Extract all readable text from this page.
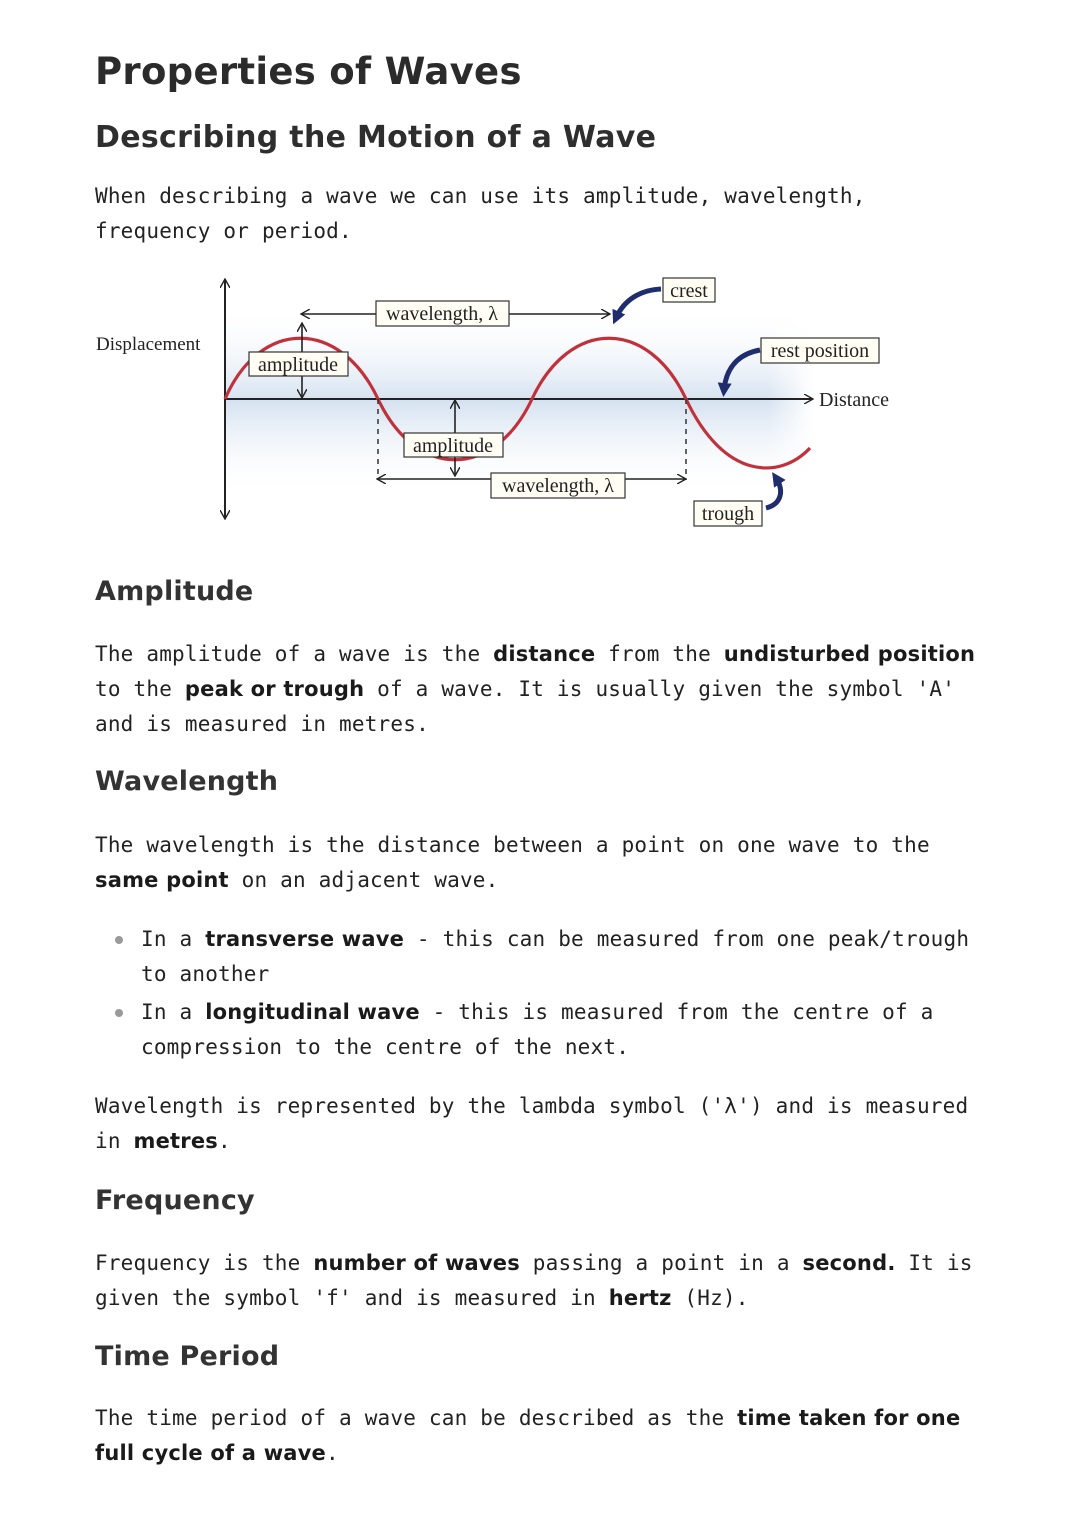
Properties of Waves
Describing the Motion of a Wave

When describing a wave we can use its amplitude, wavelength, frequency or period.

Displacement
Distance
wavelength, λ
amplitude
amplitude
wavelength, λ
crest
rest position
trough
Amplitude

The amplitude of a wave is the distance from the undisturbed position to the peak or trough of a wave. It is usually given the symbol 'A' and is measured in metres.

Wavelength

The wavelength is the distance between a point on one wave to the same point on an adjacent wave.

In a transverse wave - this can be measured from one peak/trough to another
In a longitudinal wave - this is measured from the centre of a compression to the centre of the next.

Wavelength is represented by the lambda symbol ('λ') and is measured in metres.

Frequency

Frequency is the number of waves passing a point in a second. It is given the symbol 'f' and is measured in hertz (Hz).

Time Period

The time period of a wave can be described as the time taken for one full cycle of a wave.
